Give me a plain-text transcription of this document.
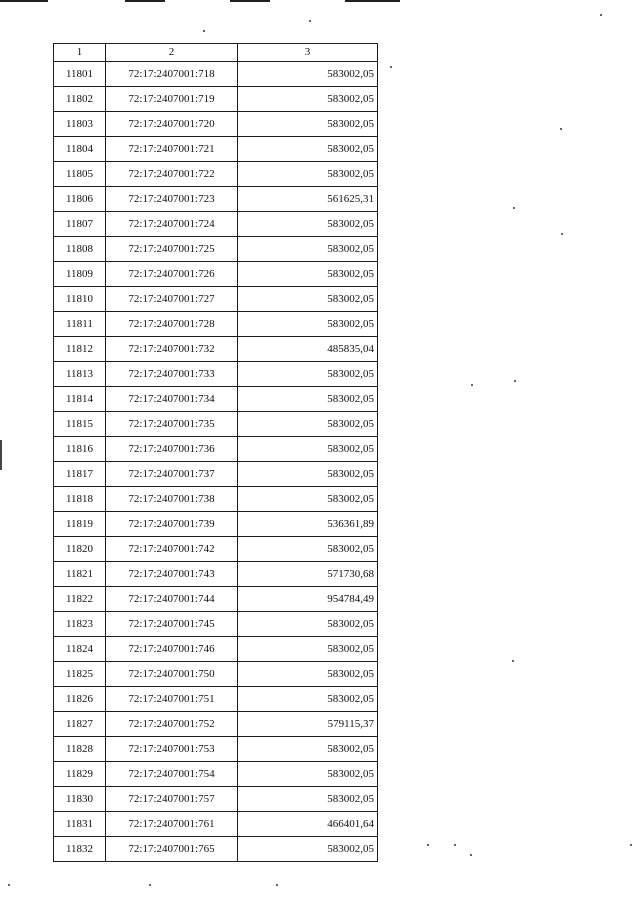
1	2	3
11801	72:17:2407001:718	583002,05
11802	72:17:2407001:719	583002,05
11803	72:17:2407001:720	583002,05
11804	72:17:2407001:721	583002,05
11805	72:17:2407001:722	583002,05
11806	72:17:2407001:723	561625,31
11807	72:17:2407001:724	583002,05
11808	72:17:2407001:725	583002,05
11809	72:17:2407001:726	583002,05
11810	72:17:2407001:727	583002,05
11811	72:17:2407001:728	583002,05
11812	72:17:2407001:732	485835,04
11813	72:17:2407001:733	583002,05
11814	72:17:2407001:734	583002,05
11815	72:17:2407001:735	583002,05
11816	72:17:2407001:736	583002,05
11817	72:17:2407001:737	583002,05
11818	72:17:2407001:738	583002,05
11819	72:17:2407001:739	536361,89
11820	72:17:2407001:742	583002,05
11821	72:17:2407001:743	571730,68
11822	72:17:2407001:744	954784,49
11823	72:17:2407001:745	583002,05
11824	72:17:2407001:746	583002,05
11825	72:17:2407001:750	583002,05
11826	72:17:2407001:751	583002,05
11827	72:17:2407001:752	579115,37
11828	72:17:2407001:753	583002,05
11829	72:17:2407001:754	583002,05
11830	72:17:2407001:757	583002,05
11831	72:17:2407001:761	466401,64
11832	72:17:2407001:765	583002,05
